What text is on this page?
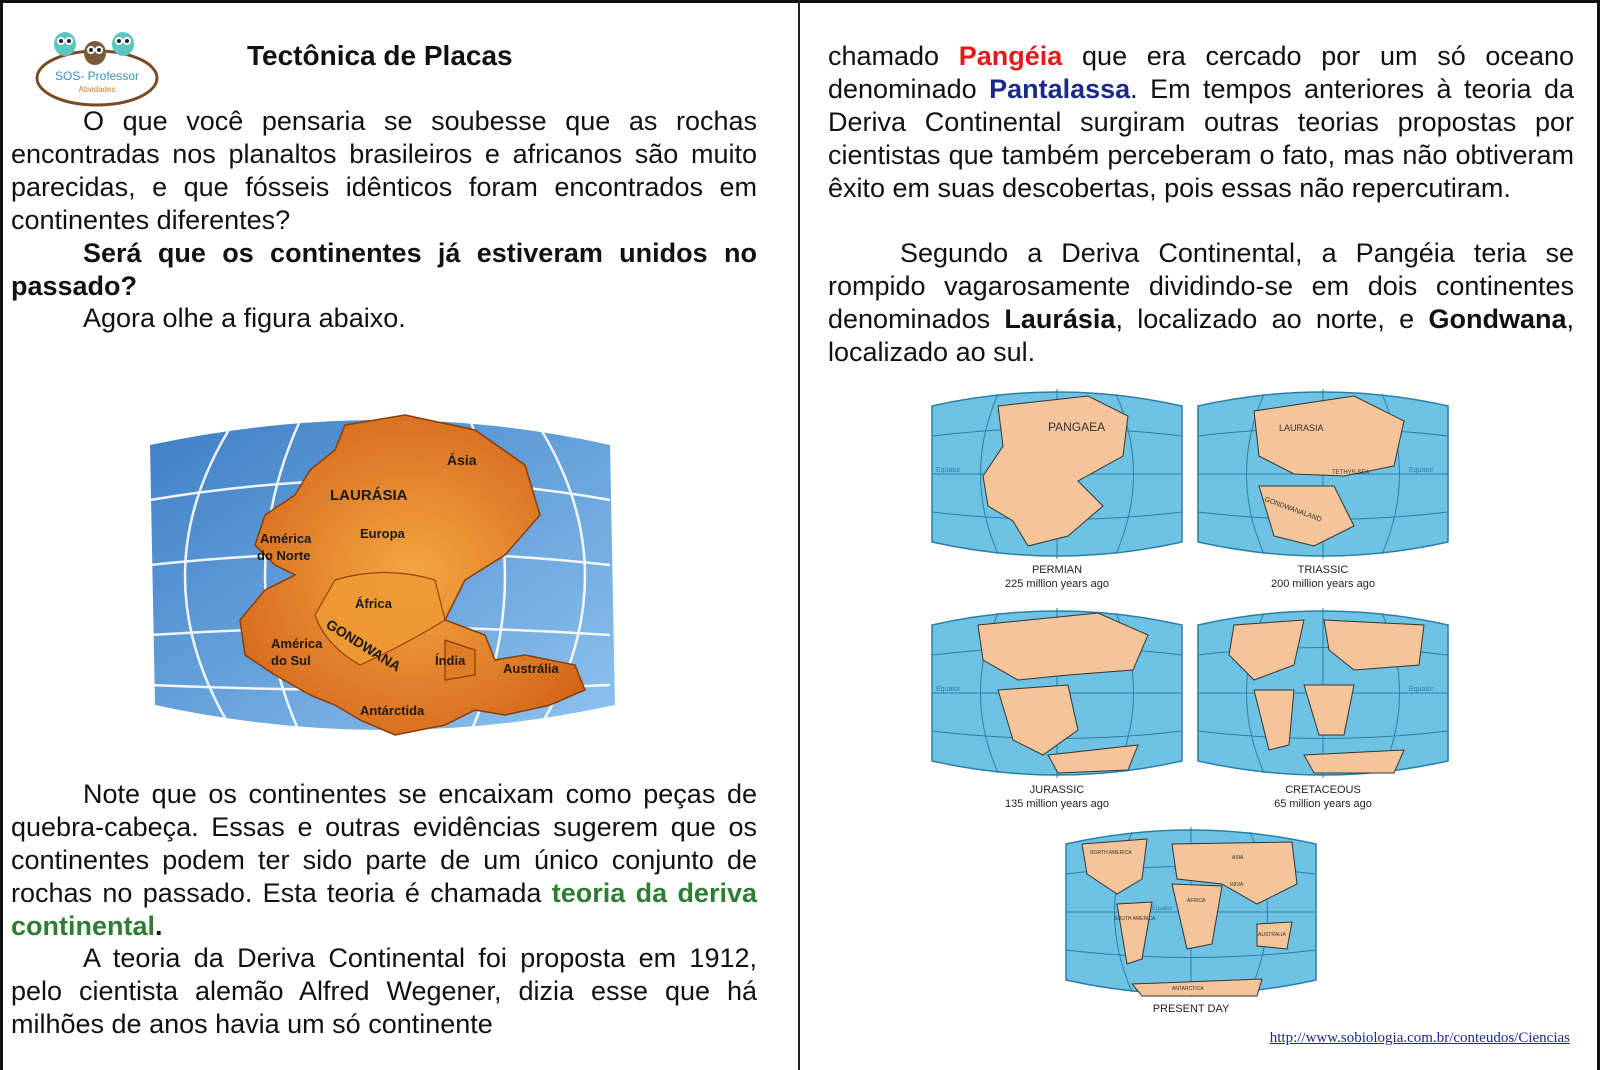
SOS- Professor
Atividades
Tectônica de Placas

O que você pensaria se soubesse que as rochas encontradas nos planaltos brasileiros e africanos são muito parecidas, e que fósseis idênticos foram encontrados em continentes diferentes?

Será que os continentes já estiveram unidos no passado?

Agora olhe a figura abaixo.

Note que os continentes se encaixam como peças de quebra-cabeça. Essas e outras evidências sugerem que os continentes podem ter sido parte de um único conjunto de rochas no passado. Esta teoria é chamada teoria da deriva continental.

A teoria da Deriva Continental foi proposta em 1912, pelo cientista alemão Alfred Wegener, dizia esse que há milhões de anos havia um só continente

Ásia
LAURÁSIA
América
do Norte
Europa
África
América
do Sul GONDWANA Índia
Austrália
Antárctida

chamado Pangéia que era cercado por um só oceano denominado Pantalassa. Em tempos anteriores à teoria da Deriva Continental surgiram outras teorias propostas por cientistas que também perceberam o fato, mas não obtiveram êxito em suas descobertas, pois essas não repercutiram.

Segundo a Deriva Continental, a Pangéia teria se rompido vagarosamente dividindo-se em dois continentes denominados Laurásia, localizado ao norte, e Gondwana, localizado ao sul.

PANGAEA
Equator
PERMIAN
225 million years ago
LAURASIA
TETHYS SEA
GONDWANALAND
Equator
TRIASSIC
200 million years ago
Equator
JURASSIC
135 million years ago
Equator
CRETACEOUS
65 million years ago
NORTH AMERICA
ASIA
AFRICA
INDIA
SOUTH AMERICA
AUSTRALIA
ANTARCTICA
Equator
PRESENT DAY
http://www.sobiologia.com.br/conteudos/Ciencias
